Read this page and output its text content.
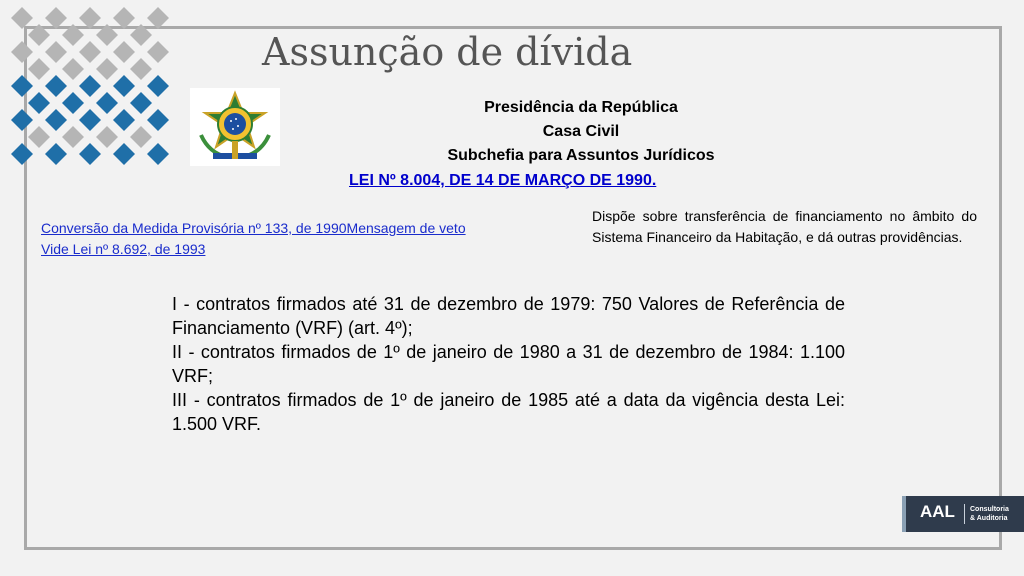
Assunção de dívida
Presidência da República
Casa Civil
Subchefia para Assuntos Jurídicos
LEI Nº 8.004, DE 14 DE MARÇO DE 1990.
Conversão da Medida Provisória nº 133, de 1990Mensagem de veto
Vide Lei nº 8.692, de 1993
Dispõe sobre transferência de financiamento no âmbito do Sistema Financeiro da Habitação, e dá outras providências.

I - contratos firmados até 31 de dezembro de 1979: 750 Valores de Referência de Financiamento (VRF) (art. 4º);

II - contratos firmados de 1º de janeiro de 1980 a 31 de dezembro de 1984: 1.100 VRF;

III - contratos firmados de 1º de janeiro de 1985 até a data da vigência desta Lei: 1.500 VRF.

AAL Consultoria
& Auditoria
